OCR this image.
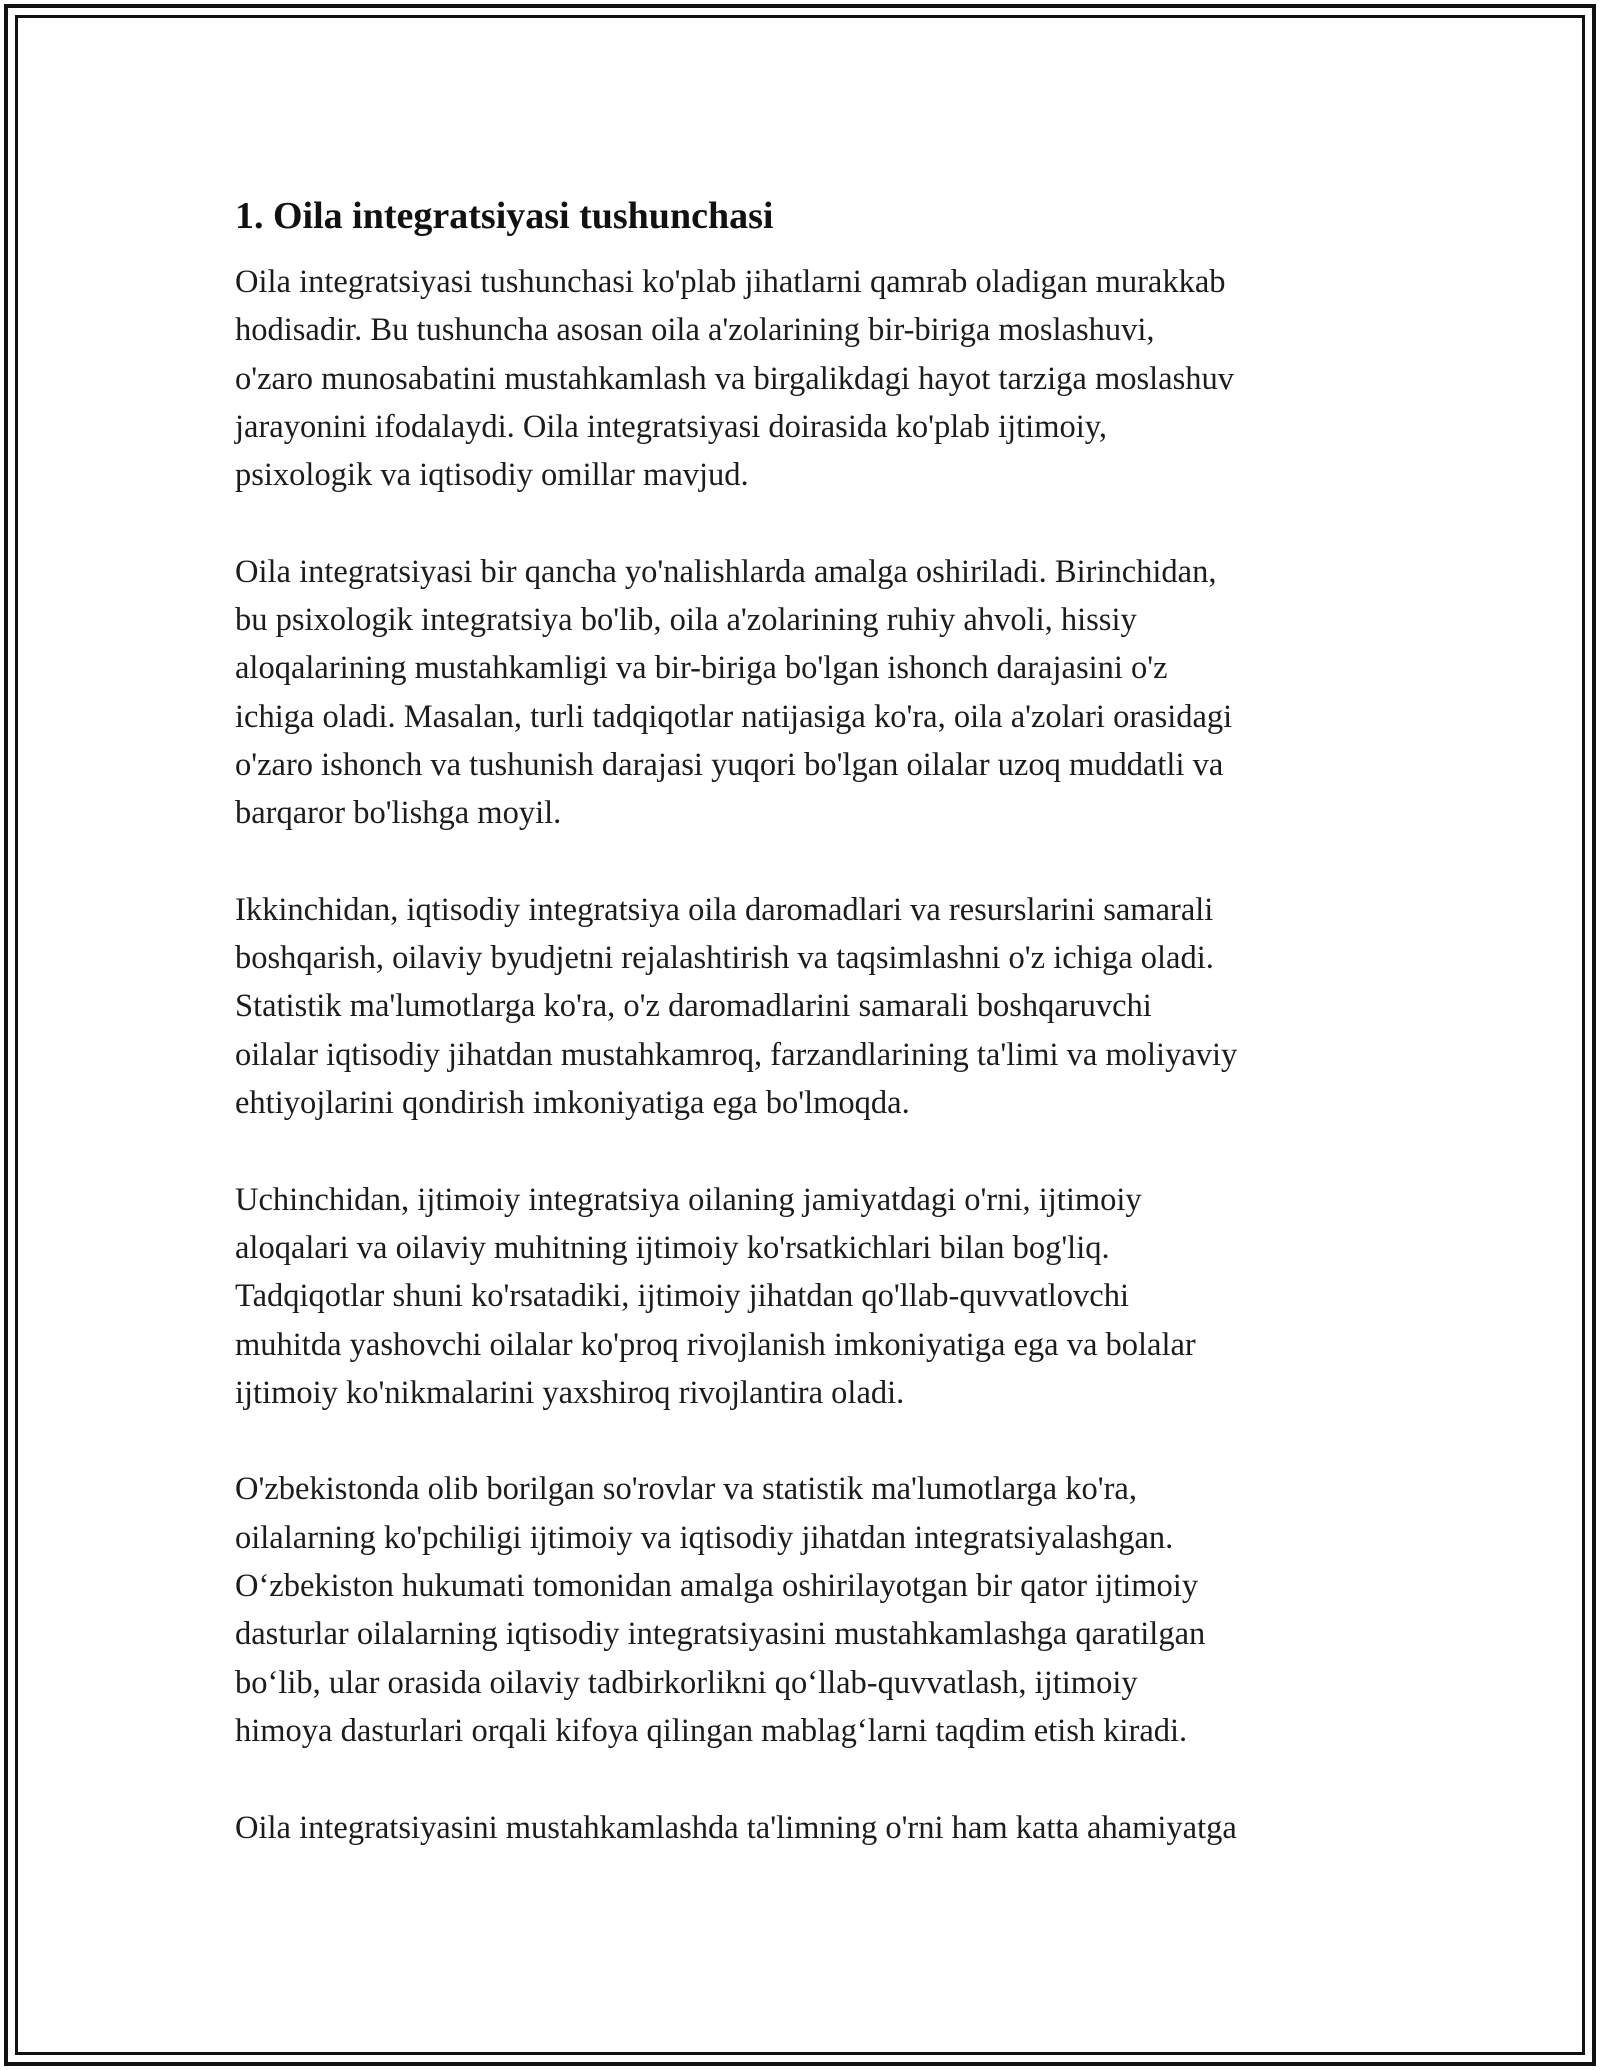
1. Oila integratsiyasi tushunchasi

Oila integratsiyasi tushunchasi ko'plab jihatlarni qamrab oladigan murakkab
hodisadir. Bu tushuncha asosan oila a'zolarining bir-biriga moslashuvi,
o'zaro munosabatini mustahkamlash va birgalikdagi hayot tarziga moslashuv
jarayonini ifodalaydi. Oila integratsiyasi doirasida ko'plab ijtimoiy,
psixologik va iqtisodiy omillar mavjud.

Oila integratsiyasi bir qancha yo'nalishlarda amalga oshiriladi. Birinchidan,
bu psixologik integratsiya bo'lib, oila a'zolarining ruhiy ahvoli, hissiy
aloqalarining mustahkamligi va bir-biriga bo'lgan ishonch darajasini o'z
ichiga oladi. Masalan, turli tadqiqotlar natijasiga ko'ra, oila a'zolari orasidagi
o'zaro ishonch va tushunish darajasi yuqori bo'lgan oilalar uzoq muddatli va
barqaror bo'lishga moyil.

Ikkinchidan, iqtisodiy integratsiya oila daromadlari va resurslarini samarali
boshqarish, oilaviy byudjetni rejalashtirish va taqsimlashni o'z ichiga oladi.
Statistik ma'lumotlarga ko'ra, o'z daromadlarini samarali boshqaruvchi
oilalar iqtisodiy jihatdan mustahkamroq, farzandlarining ta'limi va moliyaviy
ehtiyojlarini qondirish imkoniyatiga ega bo'lmoqda.

Uchinchidan, ijtimoiy integratsiya oilaning jamiyatdagi o'rni, ijtimoiy
aloqalari va oilaviy muhitning ijtimoiy ko'rsatkichlari bilan bog'liq.
Tadqiqotlar shuni ko'rsatadiki, ijtimoiy jihatdan qo'llab-quvvatlovchi
muhitda yashovchi oilalar ko'proq rivojlanish imkoniyatiga ega va bolalar
ijtimoiy ko'nikmalarini yaxshiroq rivojlantira oladi.

O'zbekistonda olib borilgan so'rovlar va statistik ma'lumotlarga ko'ra,
oilalarning ko'pchiligi ijtimoiy va iqtisodiy jihatdan integratsiyalashgan.
O‘zbekiston hukumati tomonidan amalga oshirilayotgan bir qator ijtimoiy
dasturlar oilalarning iqtisodiy integratsiyasini mustahkamlashga qaratilgan
bo‘lib, ular orasida oilaviy tadbirkorlikni qo‘llab-quvvatlash, ijtimoiy
himoya dasturlari orqali kifoya qilingan mablag‘larni taqdim etish kiradi.

Oila integratsiyasini mustahkamlashda ta'limning o'rni ham katta ahamiyatga
